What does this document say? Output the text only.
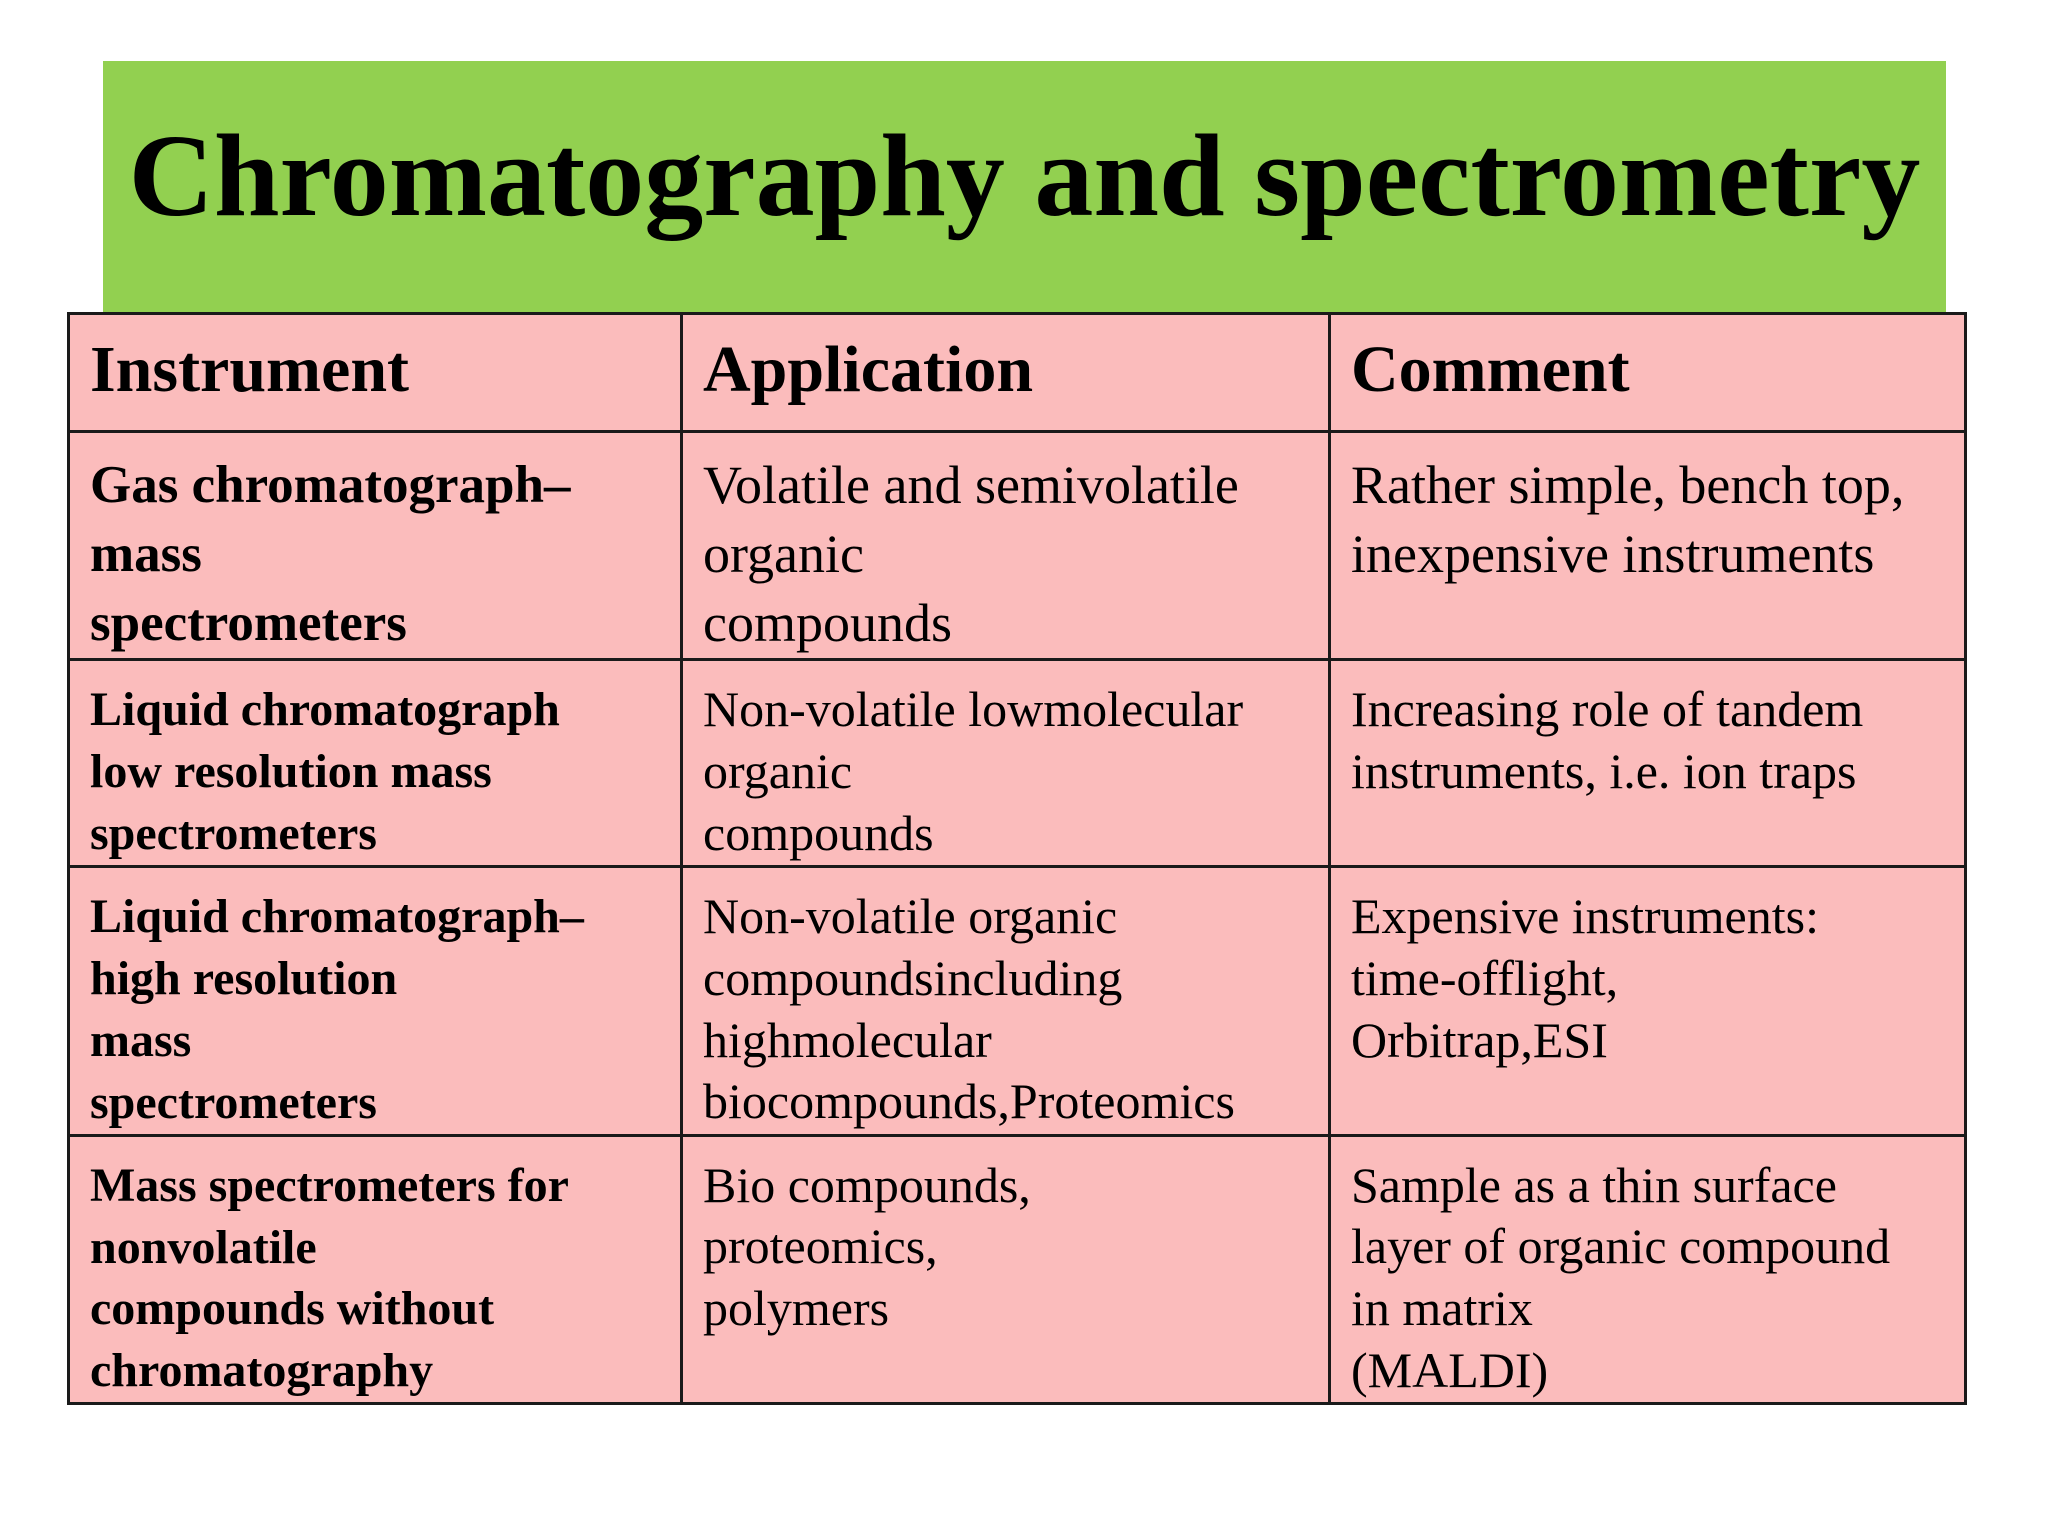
Chromatography and spectrometry
Instrument	Application	Comment

Gas chromatograph–
mass
spectrometers	Volatile and semivolatile
organic
compounds	Rather simple, bench top,
inexpensive instruments

Liquid chromatograph
low resolution mass
spectrometers	Non-volatile lowmolecular
organic
compounds	Increasing role of tandem
instruments, i.e. ion traps

Liquid chromatograph–
high resolution
mass
spectrometers	Non-volatile organic
compoundsincluding
highmolecular
biocompounds,Proteomics	Expensive instruments:
time-offlight,
Orbitrap,ESI

Mass spectrometers for
nonvolatile
compounds without
chromatography	Bio compounds,
proteomics,
polymers	Sample as a thin surface
layer of organic compound
in matrix
(MALDI)
